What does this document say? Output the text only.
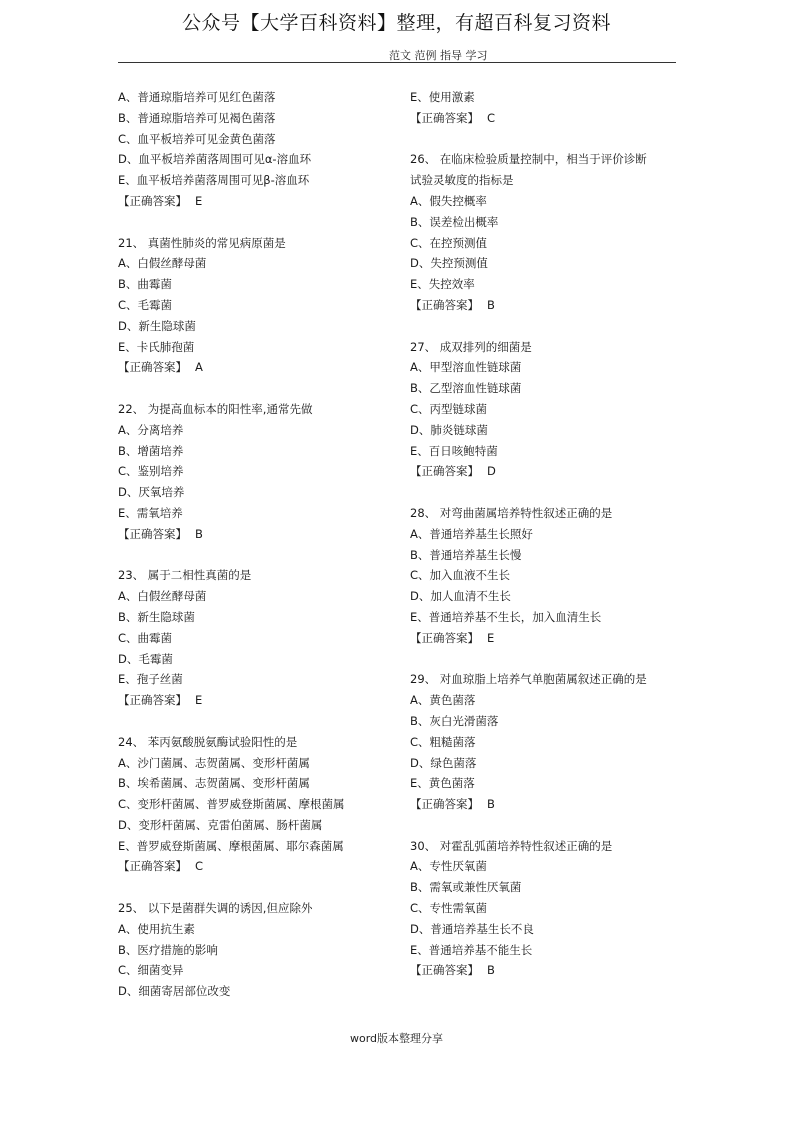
公众号【大学百科资料】整理，有超百科复习资料
范文 范例 指导 学习
A、普通琼脂培养可见红色菌落
B、普通琼脂培养可见褐色菌落
C、血平板培养可见金黄色菌落
D、血平板培养菌落周围可见α-溶血环
E、血平板培养菌落周围可见β-溶血环
【正确答案】 E
21、 真菌性肺炎的常见病原菌是
A、白假丝酵母菌
B、曲霉菌
C、毛霉菌
D、新生隐球菌
E、卡氏肺孢菌
【正确答案】 A
22、 为提高血标本的阳性率,通常先做
A、分离培养
B、增菌培养
C、鉴别培养
D、厌氧培养
E、需氧培养
【正确答案】 B
23、 属于二相性真菌的是
A、白假丝酵母菌
B、新生隐球菌
C、曲霉菌
D、毛霉菌
E、孢子丝菌
【正确答案】 E
24、 苯丙氨酸脱氨酶试验阳性的是
A、沙门菌属、志贺菌属、变形杆菌属
B、埃希菌属、志贺菌属、变形杆菌属
C、变形杆菌属、普罗威登斯菌属、摩根菌属
D、变形杆菌属、克雷伯菌属、肠杆菌属
E、普罗威登斯菌属、摩根菌属、耶尔森菌属
【正确答案】 C
25、 以下是菌群失调的诱因,但应除外
A、使用抗生素
B、医疗措施的影响
C、细菌变异
D、细菌寄居部位改变
E、使用激素
【正确答案】 C
26、 在临床检验质量控制中，相当于评价诊断
试验灵敏度的指标是
A、假失控概率
B、误差检出概率
C、在控预测值
D、失控预测值
E、失控效率
【正确答案】 B
27、 成双排列的细菌是
A、甲型溶血性链球菌
B、乙型溶血性链球菌
C、丙型链球菌
D、肺炎链球菌
E、百日咳鲍特菌
【正确答案】 D
28、 对弯曲菌属培养特性叙述正确的是
A、普通培养基生长照好
B、普通培养基生长慢
C、加入血液不生长
D、加人血清不生长
E、普通培养基不生长，加入血清生长
【正确答案】 E
29、 对血琼脂上培养气单胞菌属叙述正确的是
A、黄色菌落
B、灰白光滑菌落
C、粗糙菌落
D、绿色菌落
E、黄色菌落
【正确答案】 B
30、 对霍乱弧菌培养特性叙述正确的是
A、专性厌氧菌
B、需氧或兼性厌氧菌
C、专性需氧菌
D、普通培养基生长不良
E、普通培养基不能生长
【正确答案】 B
word版本整理分享
